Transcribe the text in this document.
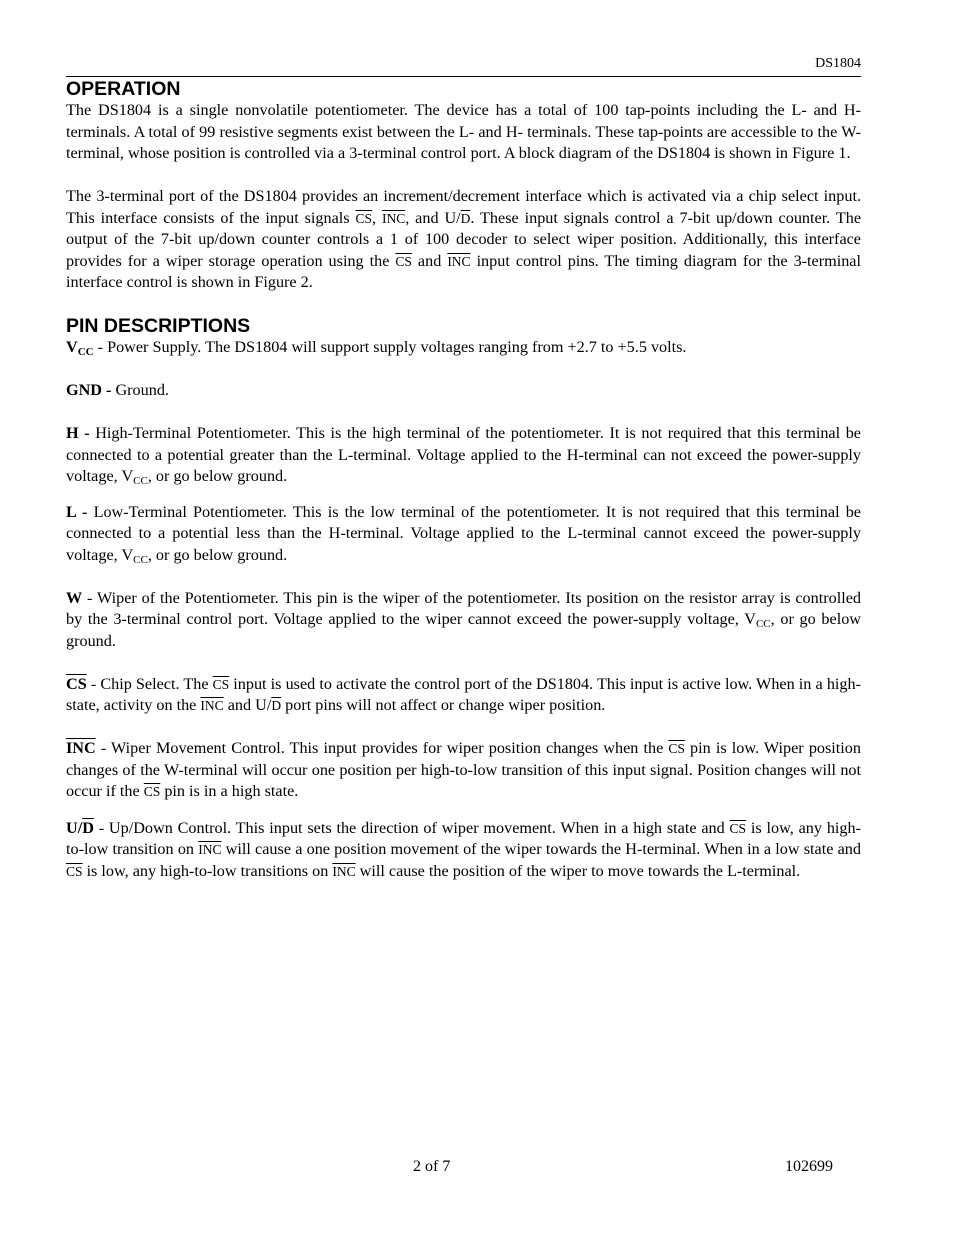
DS1804
OPERATION

The DS1804 is a single nonvolatile potentiometer. The device has a total of 100 tap-points including the L- and H- terminals. A total of 99 resistive segments exist between the L- and H- terminals. These tap-points are accessible to the W-terminal, whose position is controlled via a 3-terminal control port. A block diagram of the DS1804 is shown in Figure 1.

The 3-terminal port of the DS1804 provides an increment/decrement interface which is activated via a chip select input. This interface consists of the input signals $\overline{CS}$, $\overline{INC}$, and $U/\overline{D}$. These input signals control a 7-bit up/down counter. The output of the 7-bit up/down counter controls a 1 of 100 decoder to select wiper position. Additionally, this interface provides for a wiper storage operation using the $\overline{CS}$ and $\overline{INC}$ input control pins. The timing diagram for the 3-terminal interface control is shown in Figure 2.

PIN DESCRIPTIONS

$V_{CC}$ - Power Supply. The DS1804 will support supply voltages ranging from +2.7 to +5.5 volts.

GND - Ground.

H - High-Terminal Potentiometer. This is the high terminal of the potentiometer. It is not required that this terminal be connected to a potential greater than the L-terminal. Voltage applied to the H-terminal can not exceed the power-supply voltage, $V_{CC}$, or go below ground.

L - Low-Terminal Potentiometer. This is the low terminal of the potentiometer. It is not required that this terminal be connected to a potential less than the H-terminal. Voltage applied to the L-terminal cannot exceed the power-supply voltage, $V_{CC}$, or go below ground.

W - Wiper of the Potentiometer. This pin is the wiper of the potentiometer. Its position on the resistor array is controlled by the 3-terminal control port. Voltage applied to the wiper cannot exceed the power-supply voltage, $V_{CC}$, or go below ground.

$\overline{CS}$ - Chip Select. The $\overline{CS}$ input is used to activate the control port of the DS1804. This input is active low. When in a high-state, activity on the $\overline{INC}$ and $U/\overline{D}$ port pins will not affect or change wiper position.

$\overline{INC}$ - Wiper Movement Control. This input provides for wiper position changes when the $\overline{CS}$ pin is low. Wiper position changes of the W-terminal will occur one position per high-to-low transition of this input signal. Position changes will not occur if the $\overline{CS}$ pin is in a high state.

$U/\overline{D}$ - Up/Down Control. This input sets the direction of wiper movement. When in a high state and $\overline{CS}$ is low, any high-to-low transition on $\overline{INC}$ will cause a one position movement of the wiper towards the H-terminal. When in a low state and $\overline{CS}$ is low, any high-to-low transitions on $\overline{INC}$ will cause the position of the wiper to move towards the L-terminal.

2 of 7	102699
